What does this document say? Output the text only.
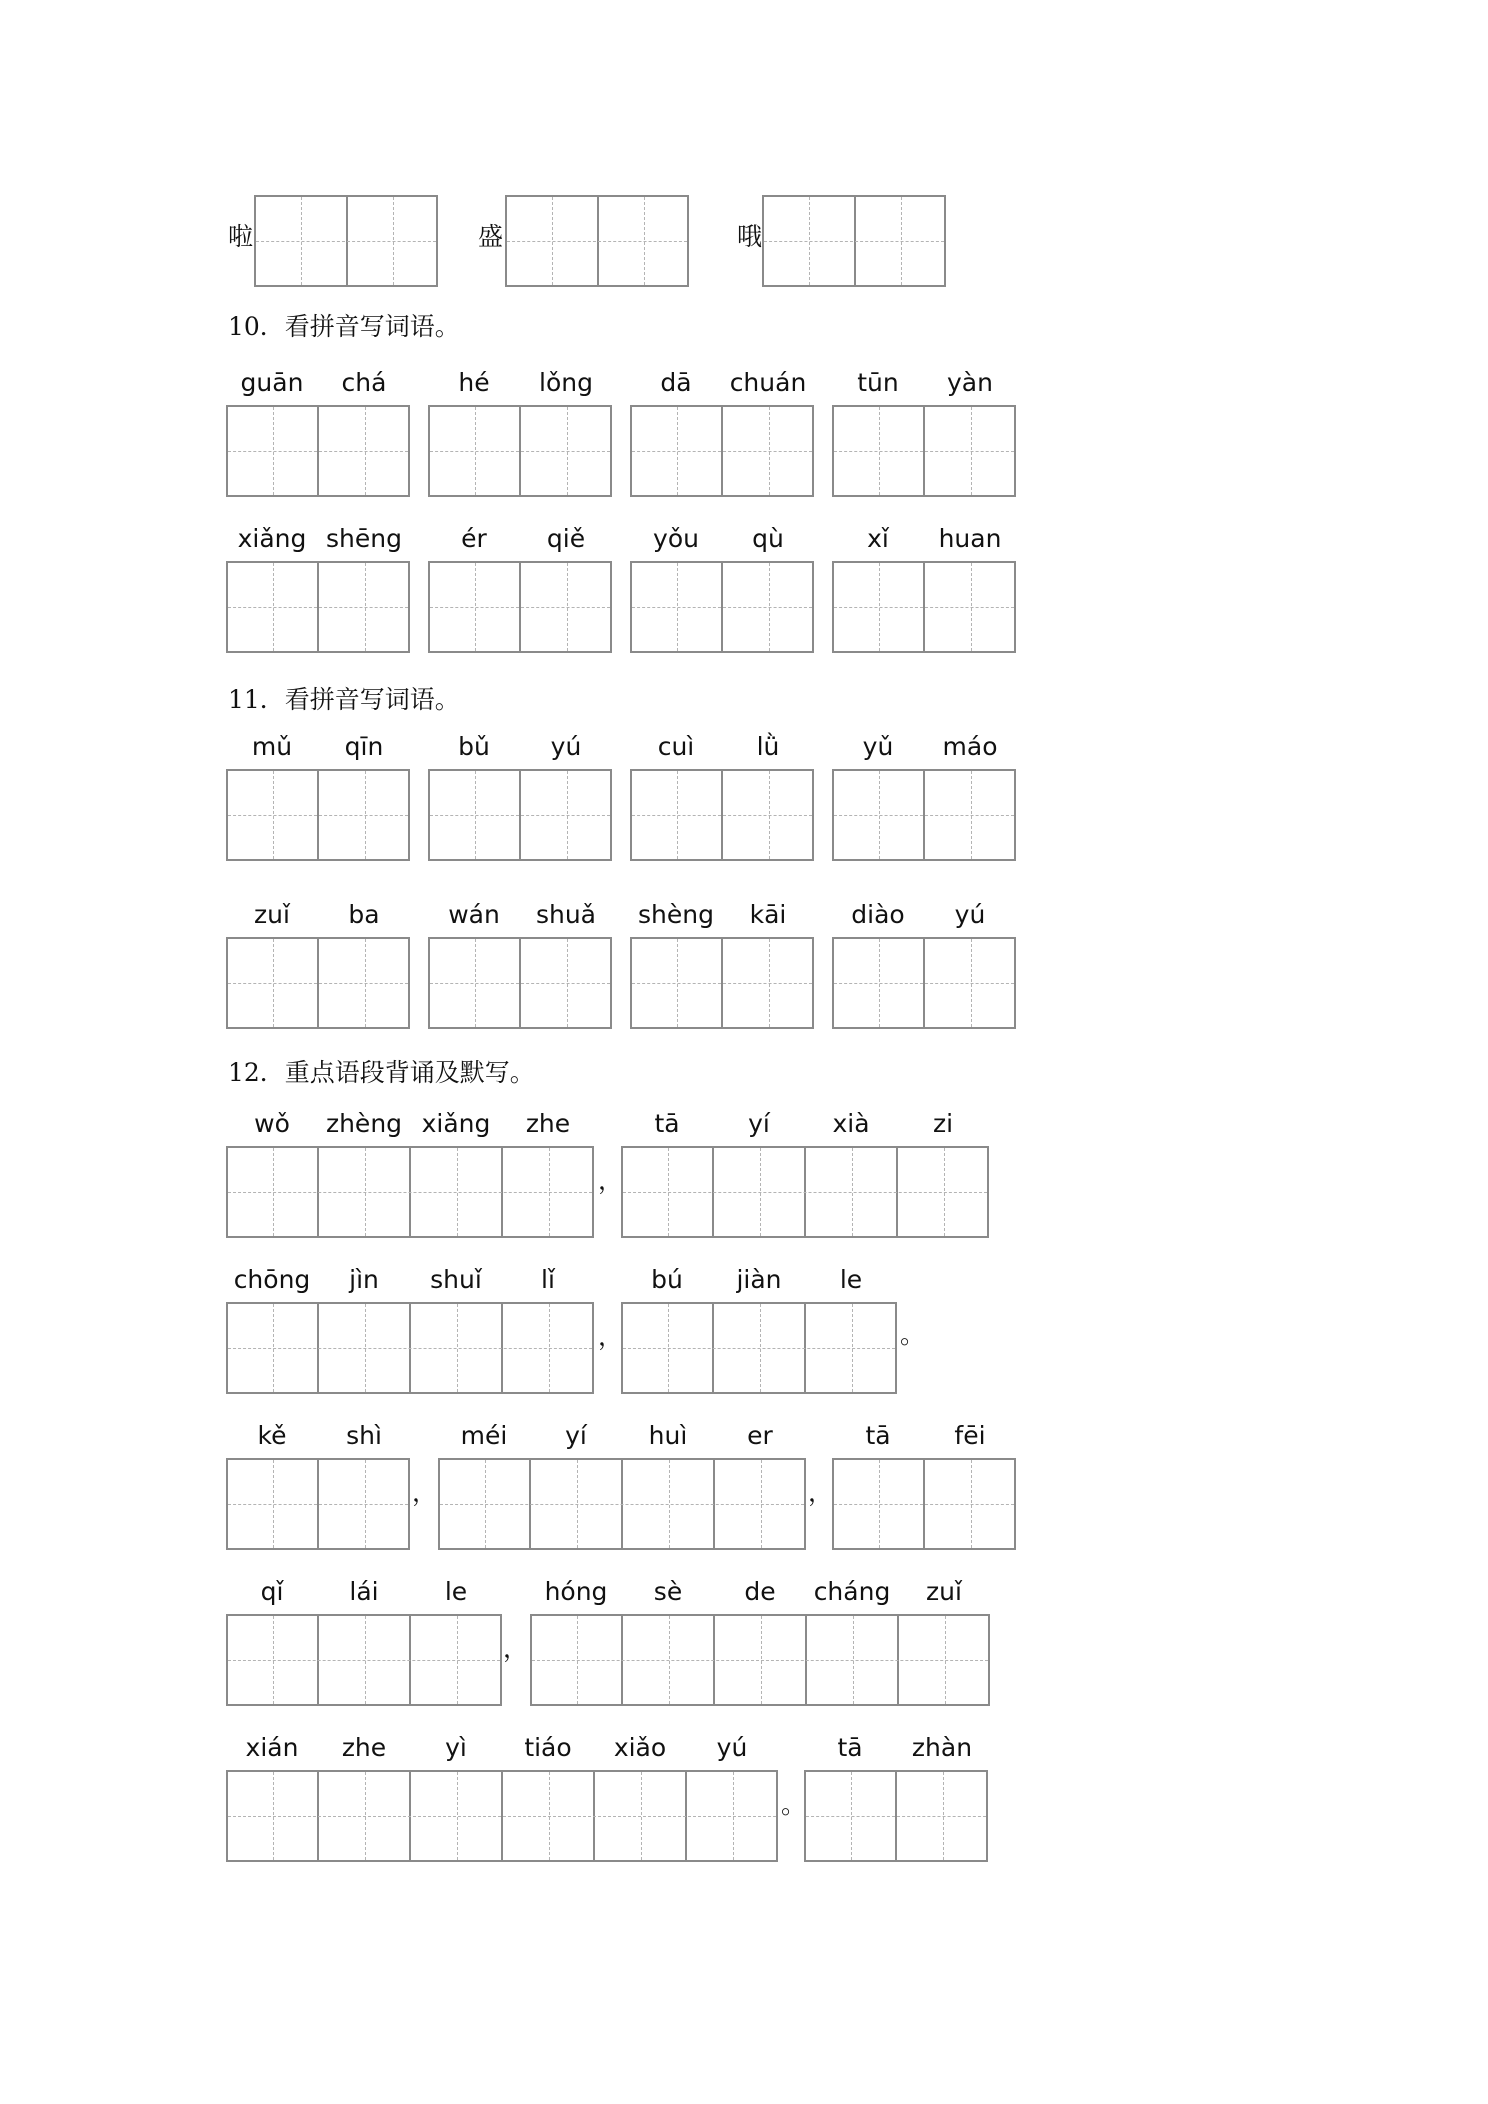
啦	盛	哦
10．看拼音写词语。
11．看拼音写词语。
12．重点语段背诵及默写。
guān	chá	hé	lǒng	dā	chuán	tūn	yàn
xiǎng shēng	ér	qiě	yǒu	qù	xǐ	huan
mǔ	qīn	bǔ	yú	cuì	lǜ	yǔ	máo
zuǐ	ba	wán	shuǎ	shèng	kāi	diào	yú
wǒ	zhèng xiǎng	zhe	tā	yí	xià	zi
，
chōng	jìn	shuǐ	lǐ	bú	jiàn	le
，	。
kě	shì	méi	yí	huì	er	tā	fēi
，	，
qǐ	lái	le	hóng	sè	de	cháng	zuǐ
，
xián	zhe	yì	tiáo	xiǎo	yú	tā	zhàn
。
